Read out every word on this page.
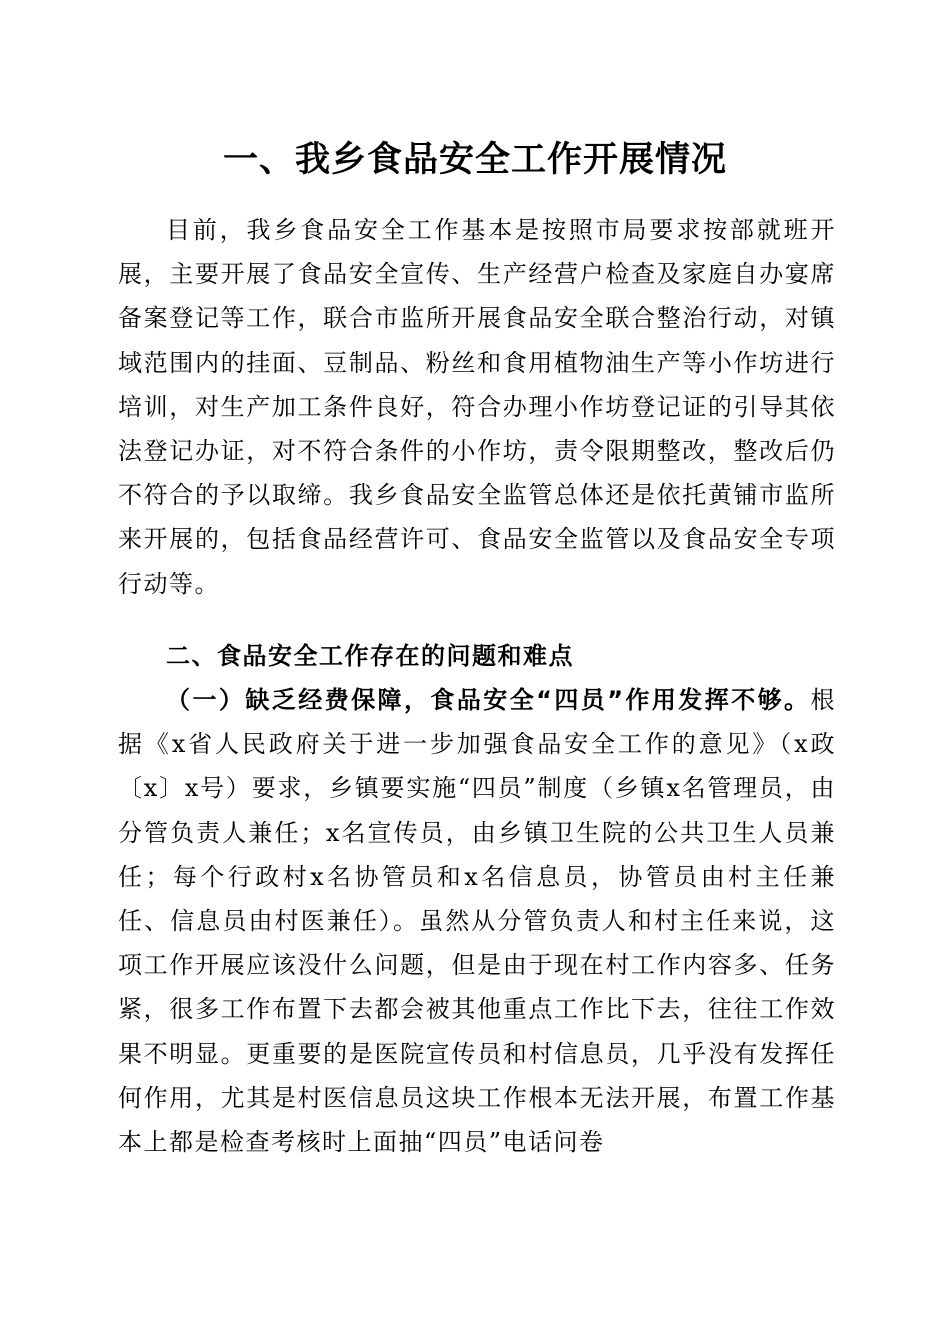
一、我乡食品安全工作开展情况

目前，我乡食品安全工作基本是按照市局要求按部就班开展，主要开展了食品安全宣传、生产经营户检查及家庭自办宴席备案登记等工作，联合市监所开展食品安全联合整治行动，对镇域范围内的挂面、豆制品、粉丝和食用植物油生产等小作坊进行培训，对生产加工条件良好，符合办理小作坊登记证的引导其依法登记办证，对不符合条件的小作坊，责令限期整改，整改后仍不符合的予以取缔。我乡食品安全监管总体还是依托黄铺市监所来开展的，包括食品经营许可、食品安全监管以及食品安全专项行动等。

二、食品安全工作存在的问题和难点

（一）缺乏经费保障，食品安全“四员”作用发挥不够。根据《x省人民政府关于进一步加强食品安全工作的意见》（x政〔x〕x号）要求，乡镇要实施“四员”制度（乡镇x名管理员，由分管负责人兼任；x名宣传员，由乡镇卫生院的公共卫生人员兼任；每个行政村x名协管员和x名信息员，协管员由村主任兼任、信息员由村医兼任）。虽然从分管负责人和村主任来说，这项工作开展应该没什么问题，但是由于现在村工作内容多、任务紧，很多工作布置下去都会被其他重点工作比下去，往往工作效果不明显。更重要的是医院宣传员和村信息员，几乎没有发挥任何作用，尤其是村医信息员这块工作根本无法开展，布置工作基本上都是检查考核时上面抽“四员”电话问卷
